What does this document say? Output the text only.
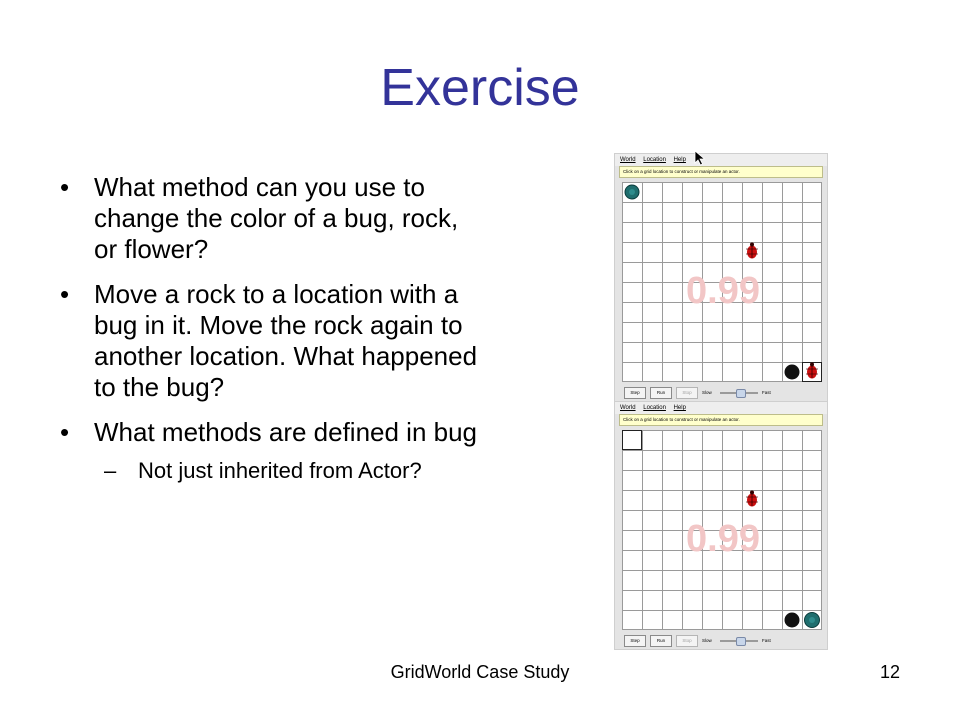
Exercise
• What method can you use to change the color of a bug, rock, or flower?
• Move a rock to a location with a bug in it. Move the rock again to another location. What happened to the bug?
• What methods are defined in bug
– Not just inherited from Actor?
World Location Help
Click on a grid location to construct or manipulate an actor.
0.99
Step	Run	Stop	Slow	Fast
World Location Help
Click on a grid location to construct or manipulate an actor.
0.99
Step	Run	Stop	Slow	Fast
GridWorld Case Study	12
